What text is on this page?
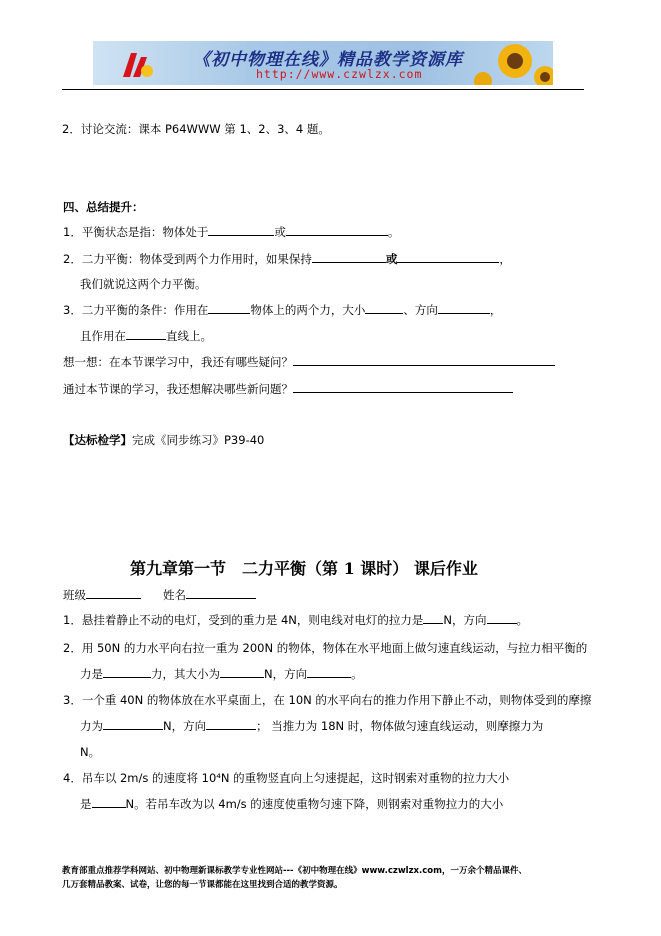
《初中物理在线》精品教学资源库
http://www.czwlzx.com
2．讨论交流：课本 P64WWW 第 1、2、3、4 题。
四、总结提升：
1．平衡状态是指：物体处于	或	。
2．二力平衡：物体受到两个力作用时，如果保持	或	，
我们就说这两个力平衡。
3．二力平衡的条件：作用在	物体上的两个力，大小	、方向	，
且作用在	直线上。
想一想：在本节课学习中，我还有哪些疑问？
通过本节课的学习，我还想解决哪些新问题？
【达标检学】完成《同步练习》P39-40
第九章第一节　二力平衡（第 1 课时） 课后作业
班级	姓名
1．悬挂着静止不动的电灯，受到的重力是 4N，则电线对电灯的拉力是 N，方向	。
2．用 50N 的力水平向右拉一重为 200N 的物体，物体在水平地面上做匀速直线运动，与拉力相平衡的
力是	力，其大小为	N，方向	。
3．一个重 40N 的物体放在水平桌面上，在 10N 的水平向右的推力作用下静止不动，则物体受到的摩擦
力为	N，方向	； 当推力为 18N 时，物体做匀速直线运动，则摩擦力为
N。
4．吊车以 2m/s 的速度将 10⁴N 的重物竖直向上匀速提起，这时钢索对重物的拉力大小
是	N。若吊车改为以 4m/s 的速度使重物匀速下降，则钢索对重物拉力的大小
教育部重点推荐学科网站、初中物理新课标教学专业性网站---《初中物理在线》www.czwlzx.com，一万余个精品课件、
几万套精品教案、试卷，让您的每一节课都能在这里找到合适的教学资源。
